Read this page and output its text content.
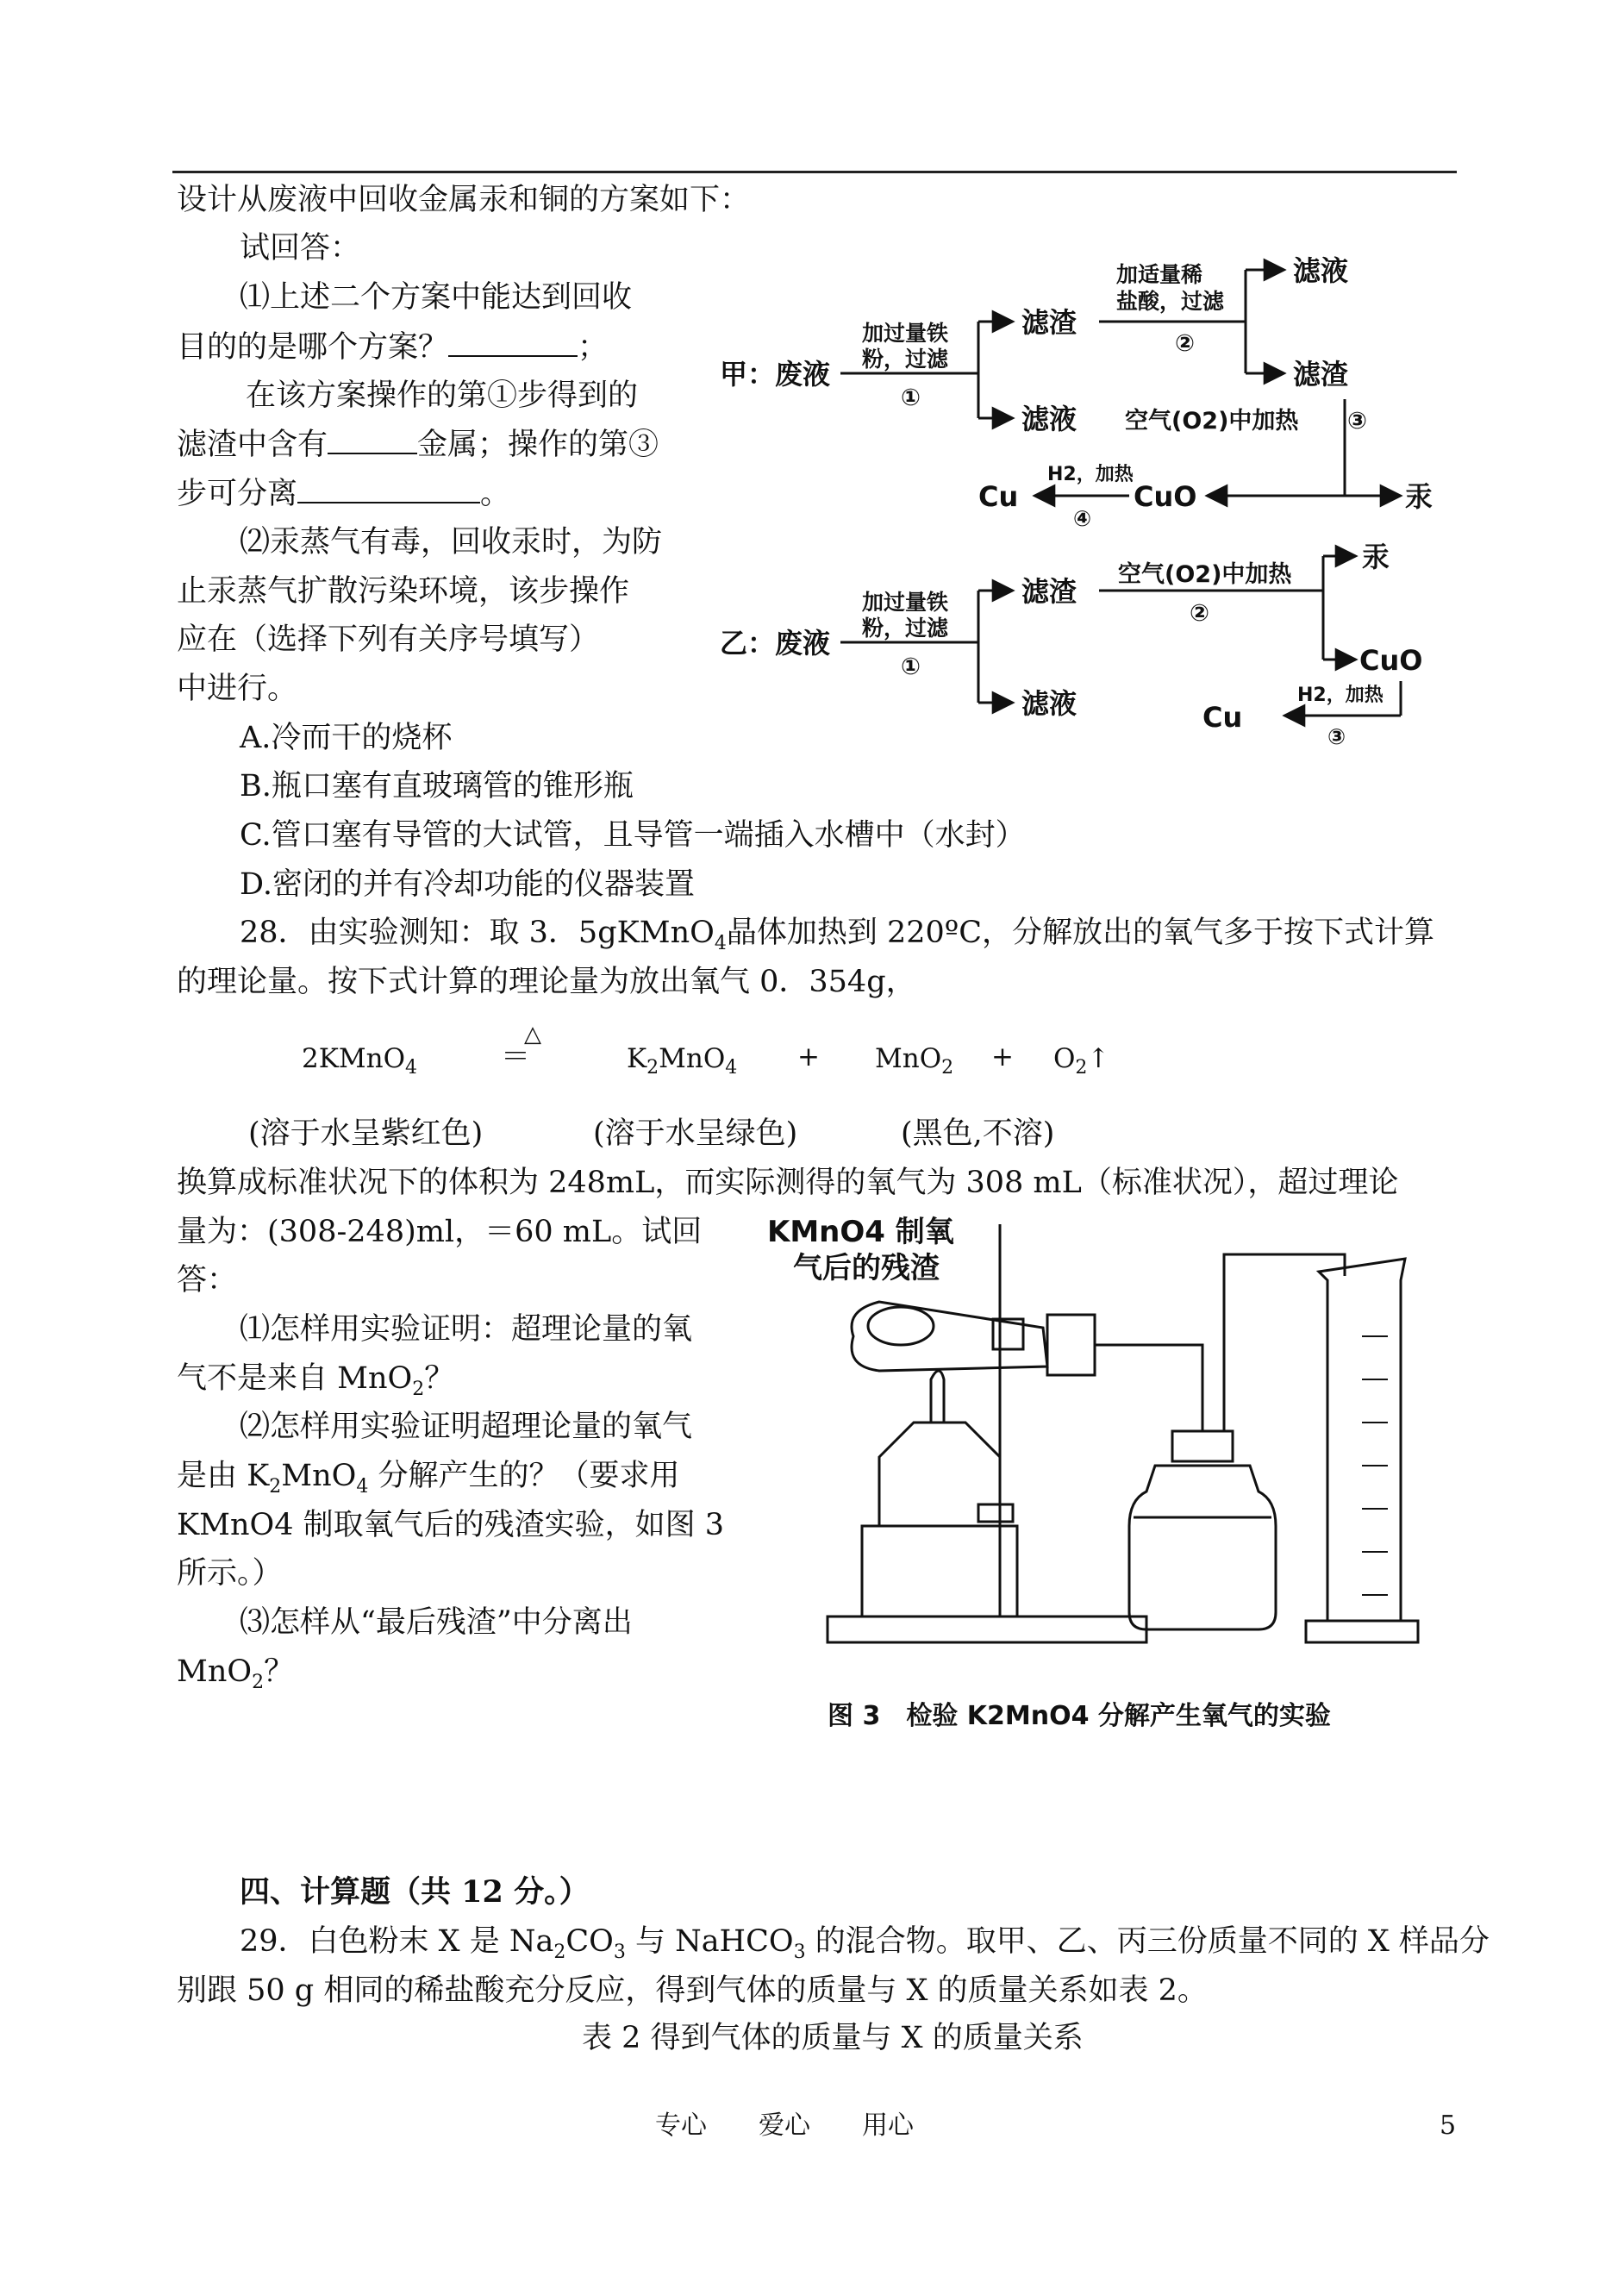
设计从废液中回收金属汞和铜的方案如下：
试回答：
⑴上述二个方案中能达到回收
目的的是哪个方案？	；
在该方案操作的第①步得到的
滤渣中含有	金属；操作的第③
步可分离	。
⑵汞蒸气有毒，回收汞时，为防
止汞蒸气扩散污染环境，该步操作
应在（选择下列有关序号填写）
中进行。
A.冷而干的烧杯
B.瓶口塞有直玻璃管的锥形瓶
C.管口塞有导管的大试管，且导管一端插入水槽中（水封）
D.密闭的并有冷却功能的仪器装置
甲：废液
加过量铁
粉，过滤
①
滤渣
滤液
加适量稀
盐酸，过滤
②
滤液
滤渣
空气(O2)中加热 ③
汞
CuO
H2，加热
④
Cu
乙：废液
加过量铁
粉，过滤
①
滤渣
滤液
空气(O2)中加热
②
汞
CuO
H2，加热
③
Cu
28．由实验测知：取 3．5gKMnO$_4$晶体加热到 220ºC，分解放出的氧气多于按下式计算
的理论量。按下式计算的理论量为放出氧气 0．354g，
2KMnO$_4$	＝
△
$K_2MnO_4 + MnO_2$ + $O_2↑$
(溶于水呈紫红色)	(溶于水呈绿色)	(黑色,不溶)
换算成标准状况下的体积为 248mL，而实际测得的氧气为 308 mL（标准状况），超过理论
量为：(308-248)ml，＝60 mL。试回
答：
⑴怎样用实验证明：超理论量的氧
气不是来自 MnO$_2$？
⑵怎样用实验证明超理论量的氧气
是由 $K_2MnO_4$ 分解产生的？（要求用
KMnO4 制取氧气后的残渣实验，如图 3
所示。）
⑶怎样从“最后残渣”中分离出
MnO$_2$？
KMnO4 制氧
气后的残渣
图 3　检验 K2MnO4 分解产生氧气的实验
四、计算题（共 12 分。）
29．白色粉末 X 是 $Na_2CO_3$ 与 NaHCO$_3$ 的混合物。取甲、乙、丙三份质量不同的 X 样品分
别跟 50 g 相同的稀盐酸充分反应，得到气体的质量与 X 的质量关系如表 2。
表 2 得到气体的质量与 X 的质量关系
专心　　爱心　　用心	5
